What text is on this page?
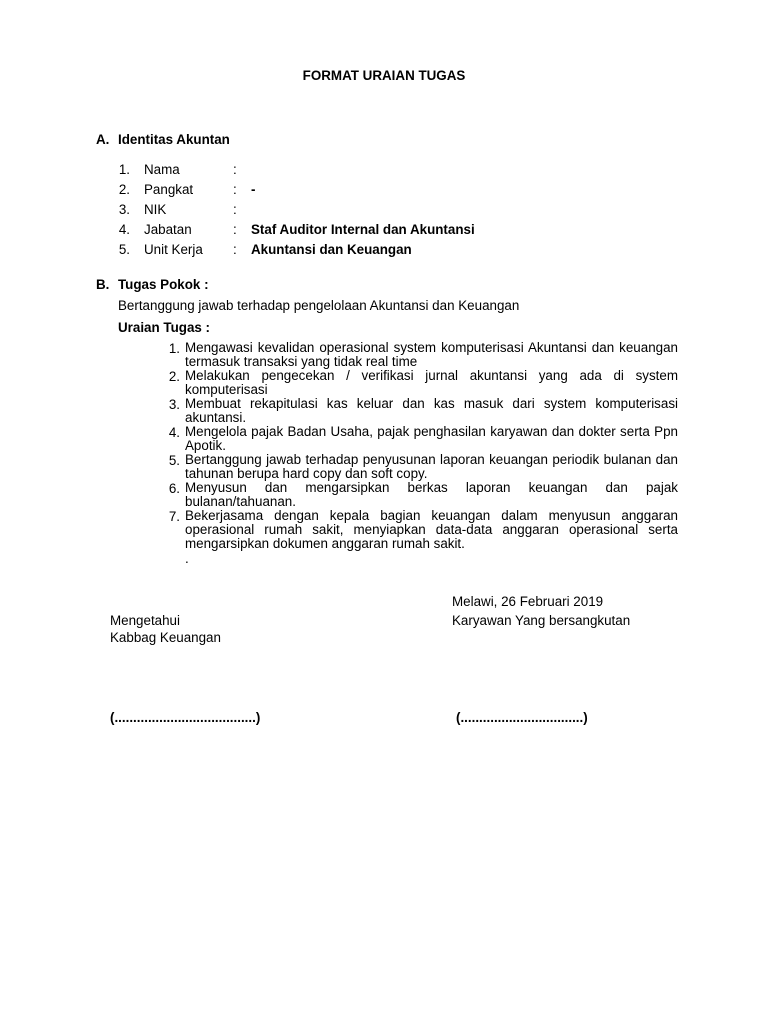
FORMAT URAIAN TUGAS
A. Identitas Akuntan
1. Nama	:
2. Pangkat	: -
3. NIK	:
4. Jabatan	: Staf Auditor Internal dan Akuntansi
5. Unit Kerja : Akuntansi dan Keuangan
B. Tugas Pokok :
Bertanggung jawab terhadap pengelolaan Akuntansi dan Keuangan
Uraian Tugas :
1. Mengawasi kevalidan operasional system komputerisasi Akuntansi dan keuangan termasuk transaksi yang tidak real time
2. Melakukan pengecekan / verifikasi jurnal akuntansi yang ada di system komputerisasi
3. Membuat rekapitulasi kas keluar dan kas masuk dari system komputerisasi akuntansi.
4. Mengelola pajak Badan Usaha, pajak penghasilan karyawan dan dokter serta Ppn Apotik.
5. Bertanggung jawab terhadap penyusunan laporan keuangan periodik bulanan dan tahunan berupa hard copy dan soft copy.
6. Menyusun dan mengarsipkan berkas laporan keuangan dan pajak bulanan/tahuanan.
7. Bekerjasama dengan kepala bagian keuangan dalam menyusun anggaran operasional rumah sakit, menyiapkan data-data anggaran operasional serta mengarsipkan dokumen anggaran rumah sakit.
.
Melawi, 26 Februari 2019
Mengetahui	Karyawan Yang bersangkutan
Kabbag Keuangan
(......................................)	(.................................)
